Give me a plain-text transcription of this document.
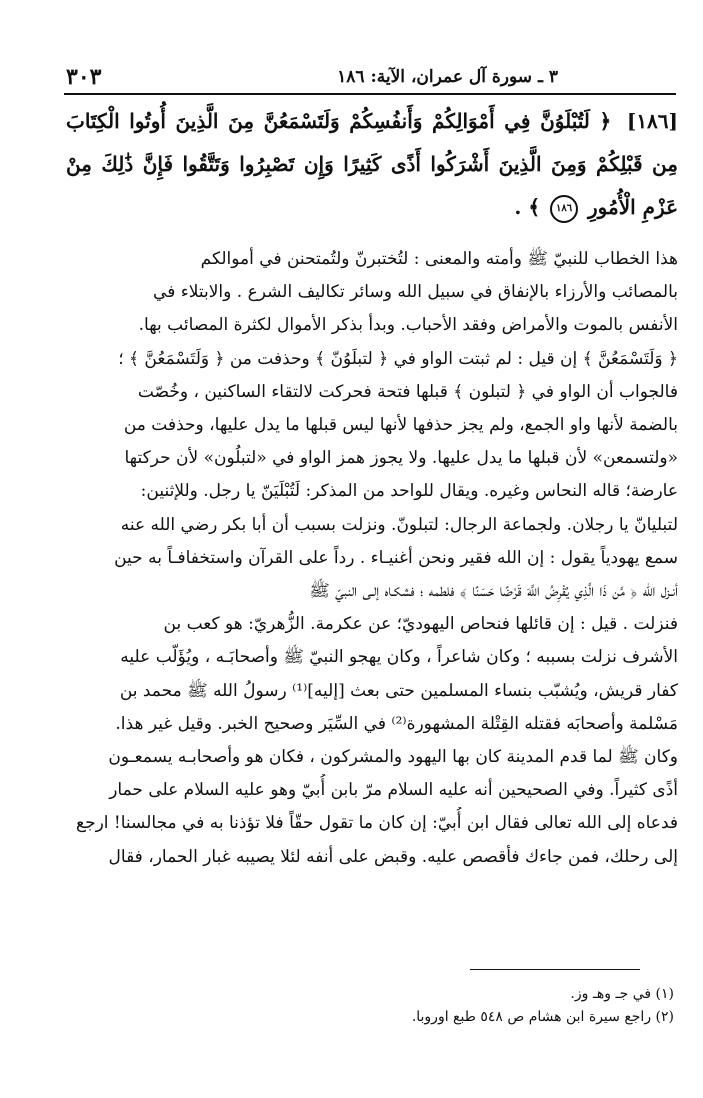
٣ ـ سورة آل عمران، الآية: ١٨٦
٣٠٣
[١٨٦] ﴿ لَتُبْلَوُنَّ فِي أَمْوَالِكُمْ وَأَنفُسِكُمْ وَلَتَسْمَعُنَّ مِنَ الَّذِينَ أُوتُوا الْكِتَابَ مِن قَبْلِكُمْ وَمِنَ الَّذِينَ أَشْرَكُوا أَذًى كَثِيرًا وَإِن تَصْبِرُوا وَتَتَّقُوا فَإِنَّ ذَٰلِكَ مِنْ عَزْمِ الْأُمُورِ ١٨٦ ﴾ .

هذا الخطاب للنبيّ ﷺ وأمته والمعنى : لتُختبرنّ ولتُمتحنن في أموالكم

بالمصائب والأرزاء بالإنفاق في سبيل الله وسائر تكاليف الشرع . والابتلاء في

الأنفس بالموت والأمراض وفقد الأحباب. وبدأ بذكر الأموال لكثرة المصائب بها.

﴿ وَلَتَسْمَعُنَّ ﴾ إن قيل : لم ثبتت الواو في ﴿ لتبلَوُنّ ﴾ وحذفت من ﴿ وَلَتَسْمَعُنَّ ﴾ ؛

فالجواب أن الواو في ﴿ لتبلون ﴾ قبلها فتحة فحركت لالتقاء الساكنين ، وخُصّت

بالضمة لأنها واو الجمع، ولم يجز حذفها لأنها ليس قبلها ما يدل عليها، وحذفت من

«ولتسمعن» لأن قبلها ما يدل عليها. ولا يجوز همز الواو في «لتبلُون» لأن حركتها

عارضة؛ قاله النحاس وغيره. ويقال للواحد من المذكر: لَتُبْلَيَنّ يا رجل. وللإثنين:

لتبليانّ يا رجلان. ولجماعة الرجال: لتبلونّ. ونزلت بسبب أن أبا بكر رضي الله عنه

سمع يهودياً يقول : إن الله فقير ونحن أغنيـاء . رداً على القرآن واستخفافـاً به حين

أنـزل الله ﴿ مَّن ذَا الَّذِي يُقْرِضُ اللَّهَ قَرْضًا حَسَنًا ﴾ فلطمه ؛ فشكـاه إلـى النبيّ ﷺ

فنزلت . قيل : إن قائلها فنحاص اليهوديّ؛ عن عكرمة. الزُّهريّ: هو كعب بن

الأشرف نزلت بسببه ؛ وكان شاعراً ، وكان يهجو النبيّ ﷺ وأصحابَـه ، ويُؤَلّب عليه

كفار قريش، ويُشبّب بنساء المسلمين حتى بعث [إليه]⁽¹⁾ رسولُ الله ﷺ محمد بن

مَسْلمة وأصحابَه فقتله القِتْلة المشهورة⁽²⁾ في السِّيَر وصحيح الخبر. وقيل غير هذا.

وكان ﷺ لما قدم المدينة كان بها اليهود والمشركون ، فكان هو وأصحابـه يسمعـون

أذًى كثيراً. وفي الصحيحين أنه عليه السلام مرّ بابن أُبيّ وهو عليه السلام على حمار

فدعاه إلى الله تعالى فقال ابن أُبيّ: إن كان ما تقول حقّاً فلا تؤذنا به في مجالسنا! ارجع

إلى رحلك، فمن جاءك فأقصص عليه. وقبض على أنفه لئلا يصيبه غبار الحمار، فقال

(١) في جـ وهـ وز.
(٢) راجع سيرة ابن هشام ص ٥٤٨ طبع اوروبا.
